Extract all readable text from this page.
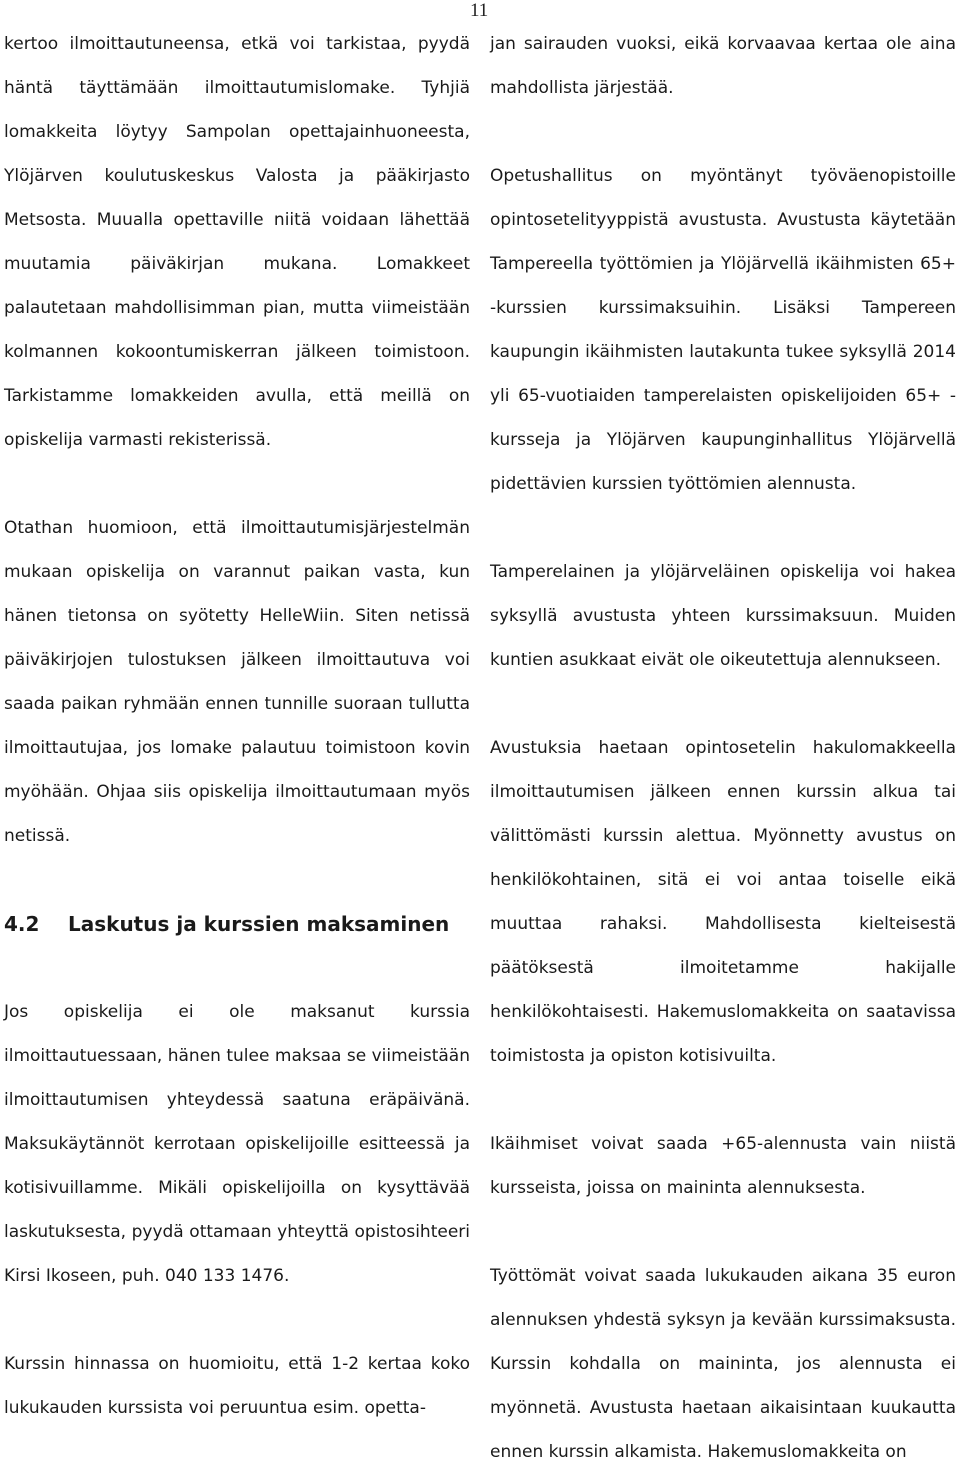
11

kertoo ilmoittautuneensa, etkä voi tarkistaa, pyydä häntä täyttämään ilmoittautumislomake. Tyhjiä lomakkeita löytyy Sampolan opettajainhuoneesta, Ylöjärven koulutuskeskus Valosta ja pääkirjasto Metsosta. Muualla opettaville niitä voidaan lähettää muutamia päiväkirjan mukana. Lomakkeet palautetaan mahdollisimman pian, mutta viimeistään kolmannen kokoontumiskerran jälkeen toimistoon. Tarkistamme lomakkeiden avulla, että meillä on opiskelija varmasti rekisterissä.

Otathan huomioon, että ilmoittautumisjärjestelmän mukaan opiskelija on varannut paikan vasta, kun hänen tietonsa on syötetty HelleWiin. Siten netissä päiväkirjojen tulostuksen jälkeen ilmoittautuva voi saada paikan ryhmään ennen tunnille suoraan tullutta ilmoittautujaa, jos lomake palautuu toimistoon kovin myöhään. Ohjaa siis opiskelija ilmoittautumaan myös netissä.

4.2 Laskutus ja kurssien maksaminen

Jos opiskelija ei ole maksanut kurssia ilmoittautuessaan, hänen tulee maksaa se viimeistään ilmoittautumisen yhteydessä saatuna eräpäivänä. Maksukäytännöt kerrotaan opiskelijoille esitteessä ja kotisivuillamme. Mikäli opiskelijoilla on kysyttävää laskutuksesta, pyydä ottamaan yhteyttä opistosihteeri Kirsi Ikoseen, puh. 040 133 1476.

Kurssin hinnassa on huomioitu, että 1-2 kertaa koko lukukauden kurssista voi peruuntua esim. opetta-

jan sairauden vuoksi, eikä korvaavaa kertaa ole aina mahdollista järjestää.

Opetushallitus on myöntänyt työväenopistoille opintosetelityyppistä avustusta. Avustusta käytetään Tampereella työttömien ja Ylöjärvellä ikäihmisten 65+ -kurssien kurssimaksuihin. Lisäksi Tampereen kaupungin ikäihmisten lautakunta tukee syksyllä 2014 yli 65-vuotiaiden tamperelaisten opiskelijoiden 65+ -kursseja ja Ylöjärven kaupunginhallitus Ylöjärvellä pidettävien kurssien työttömien alennusta.

Tamperelainen ja ylöjärveläinen opiskelija voi hakea syksyllä avustusta yhteen kurssimaksuun. Muiden kuntien asukkaat eivät ole oikeutettuja alennukseen.

Avustuksia haetaan opintosetelin hakulomakkeella ilmoittautumisen jälkeen ennen kurssin alkua tai välittömästi kurssin alettua. Myönnetty avustus on henkilökohtainen, sitä ei voi antaa toiselle eikä muuttaa rahaksi. Mahdollisesta kielteisestä päätöksestä ilmoitetamme hakijalle henkilökohtaisesti. Hakemuslomakkeita on saatavissa toimistosta ja opiston kotisivuilta.

Ikäihmiset voivat saada +65-alennusta vain niistä kursseista, joissa on maininta alennuksesta.

Työttömät voivat saada lukukauden aikana 35 euron alennuksen yhdestä syksyn ja kevään kurssimaksusta. Kurssin kohdalla on maininta, jos alennusta ei myönnetä. Avustusta haetaan aikaisintaan kuukautta ennen kurssin alkamista. Hakemuslomakkeita on
